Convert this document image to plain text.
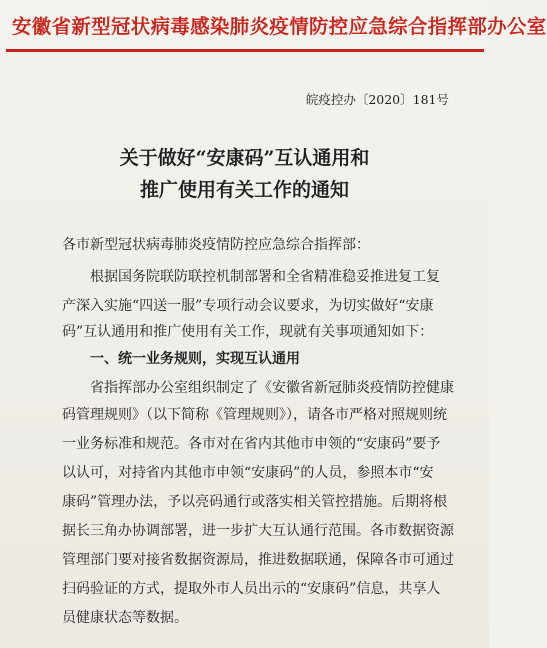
安徽省新型冠状病毒感染肺炎疫情防控应急综合指挥部办公室
皖疫控办〔2020〕181号
关于做好“安康码”互认通用和
推广使用有关工作的通知
各市新型冠状病毒肺炎疫情防控应急综合指挥部：
根据国务院联防联控机制部署和全省精准稳妥推进复工复
产深入实施“四送一服”专项行动会议要求，为切实做好“安康
码”互认通用和推广使用有关工作，现就有关事项通知如下：
一、统一业务规则，实现互认通用
省指挥部办公室组织制定了《安徽省新冠肺炎疫情防控健康
码管理规则》（以下简称《管理规则》），请各市严格对照规则统
一业务标准和规范。各市对在省内其他市申领的“安康码”要予
以认可，对持省内其他市申领“安康码”的人员，参照本市“安
康码”管理办法，予以亮码通行或落实相关管控措施。后期将根
据长三角办协调部署，进一步扩大互认通行范围。各市数据资源
管理部门要对接省数据资源局，推进数据联通，保障各市可通过
扫码验证的方式，提取外市人员出示的“安康码”信息，共享人
员健康状态等数据。
